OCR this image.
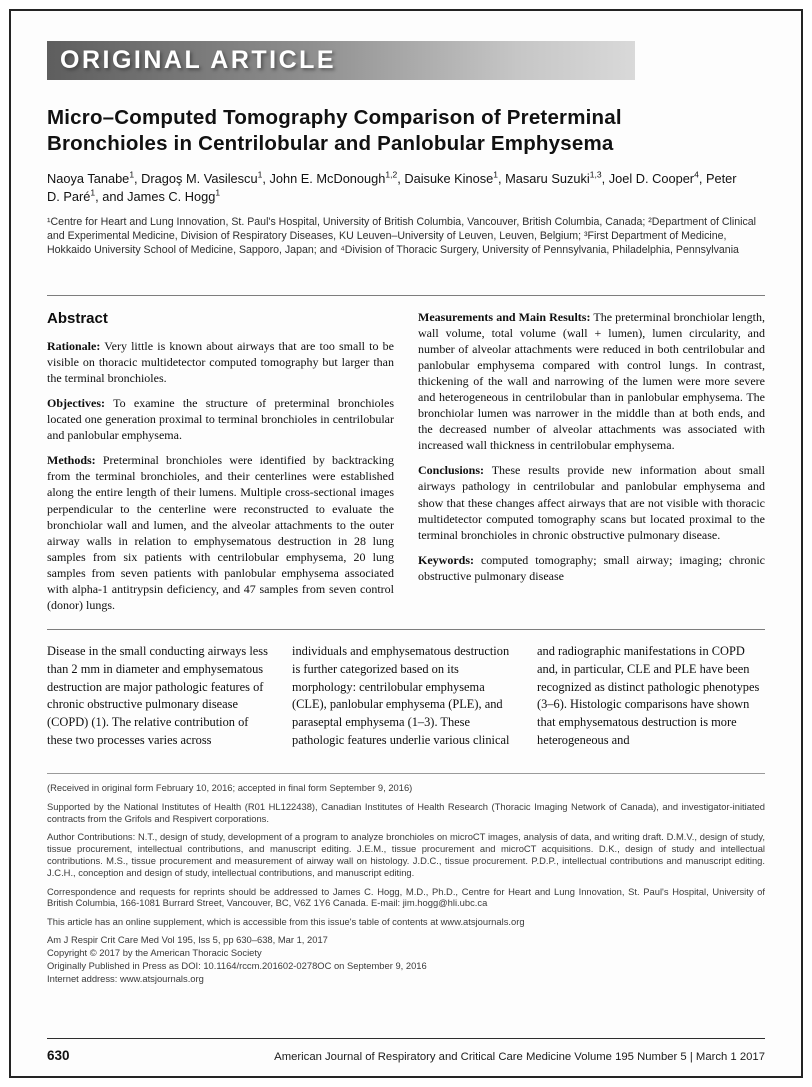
ORIGINAL ARTICLE
Micro–Computed Tomography Comparison of Preterminal Bronchioles in Centrilobular and Panlobular Emphysema
Naoya Tanabe$^1$, Dragoş M. Vasilescu$^1$, John E. McDonough$^{1,2}$, Daisuke Kinose$^1$, Masaru Suzuki$^{1,3}$, Joel D. Cooper$^4$, Peter D. Paré$^1$, and James C. Hogg$^1$
¹Centre for Heart and Lung Innovation, St. Paul's Hospital, University of British Columbia, Vancouver, British Columbia, Canada; ²Department of Clinical and Experimental Medicine, Division of Respiratory Diseases, KU Leuven–University of Leuven, Leuven, Belgium; ³First Department of Medicine, Hokkaido University School of Medicine, Sapporo, Japan; and ⁴Division of Thoracic Surgery, University of Pennsylvania, Philadelphia, Pennsylvania
Abstract

Rationale: Very little is known about airways that are too small to be visible on thoracic multidetector computed tomography but larger than the terminal bronchioles.

Objectives: To examine the structure of preterminal bronchioles located one generation proximal to terminal bronchioles in centrilobular and panlobular emphysema.

Methods: Preterminal bronchioles were identified by backtracking from the terminal bronchioles, and their centerlines were established along the entire length of their lumens. Multiple cross-sectional images perpendicular to the centerline were reconstructed to evaluate the bronchiolar wall and lumen, and the alveolar attachments to the outer airway walls in relation to emphysematous destruction in 28 lung samples from six patients with centrilobular emphysema, 20 lung samples from seven patients with panlobular emphysema associated with alpha-1 antitrypsin deficiency, and 47 samples from seven control (donor) lungs.

Measurements and Main Results: The preterminal bronchiolar length, wall volume, total volume (wall + lumen), lumen circularity, and number of alveolar attachments were reduced in both centrilobular and panlobular emphysema compared with control lungs. In contrast, thickening of the wall and narrowing of the lumen were more severe and heterogeneous in centrilobular than in panlobular emphysema. The bronchiolar lumen was narrower in the middle than at both ends, and the decreased number of alveolar attachments was associated with increased wall thickness in centrilobular emphysema.

Conclusions: These results provide new information about small airways pathology in centrilobular and panlobular emphysema and show that these changes affect airways that are not visible with thoracic multidetector computed tomography scans but located proximal to the terminal bronchioles in chronic obstructive pulmonary disease.

Keywords: computed tomography; small airway; imaging; chronic obstructive pulmonary disease

Disease in the small conducting airways less than 2 mm in diameter and emphysematous destruction are major pathologic features of chronic obstructive pulmonary disease (COPD) (1). The relative contribution of these two processes varies across
individuals and emphysematous destruction is further categorized based on its morphology: centrilobular emphysema (CLE), panlobular emphysema (PLE), and paraseptal emphysema (1–3). These pathologic features underlie various clinical
and radiographic manifestations in COPD and, in particular, CLE and PLE have been recognized as distinct pathologic phenotypes (3–6). Histologic comparisons have shown that emphysematous destruction is more heterogeneous and

(Received in original form February 10, 2016; accepted in final form September 9, 2016)

Supported by the National Institutes of Health (R01 HL122438), Canadian Institutes of Health Research (Thoracic Imaging Network of Canada), and investigator-initiated contracts from the Grifols and Respivert corporations.

Author Contributions: N.T., design of study, development of a program to analyze bronchioles on microCT images, analysis of data, and writing draft. D.M.V., design of study, tissue procurement, intellectual contributions, and manuscript editing. J.E.M., tissue procurement and microCT acquisitions. D.K., design of study and intellectual contributions. M.S., tissue procurement and measurement of airway wall on histology. J.D.C., tissue procurement. P.D.P., intellectual contributions and manuscript editing. J.C.H., conception and design of study, intellectual contributions, and manuscript editing.

Correspondence and requests for reprints should be addressed to James C. Hogg, M.D., Ph.D., Centre for Heart and Lung Innovation, St. Paul's Hospital, University of British Columbia, 166-1081 Burrard Street, Vancouver, BC, V6Z 1Y6 Canada. E-mail: jim.hogg@hli.ubc.ca

This article has an online supplement, which is accessible from this issue's table of contents at www.atsjournals.org

Am J Respir Crit Care Med Vol 195, Iss 5, pp 630–638, Mar 1, 2017

Copyright © 2017 by the American Thoracic Society

Originally Published in Press as DOI: 10.1164/rccm.201602-0278OC on September 9, 2016

Internet address: www.atsjournals.org

630	American Journal of Respiratory and Critical Care Medicine Volume 195 Number 5 | March 1 2017
